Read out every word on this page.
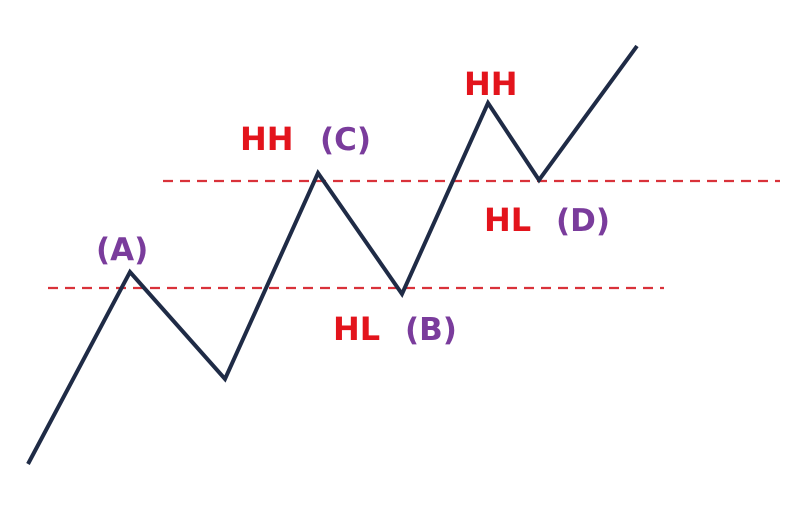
(A)
HH (C)
HL (B)
HH
HL (D)
